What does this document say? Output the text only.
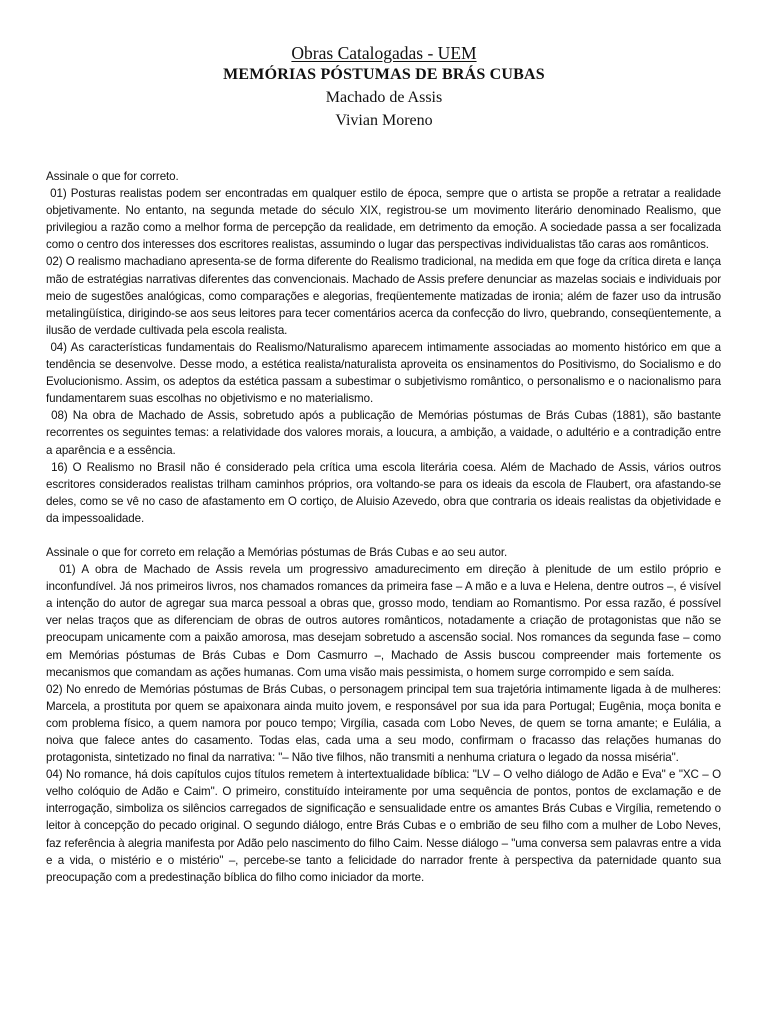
Obras Catalogadas - UEM
MEMÓRIAS PÓSTUMAS DE BRÁS CUBAS
Machado de Assis
Vivian Moreno

Assinale o que for correto.

01) Posturas realistas podem ser encontradas em qualquer estilo de época, sempre que o artista se propõe a retratar a realidade objetivamente. No entanto, na segunda metade do século XIX, registrou-se um movimento literário denominado Realismo, que privilegiou a razão como a melhor forma de percepção da realidade, em detrimento da emoção. A sociedade passa a ser focalizada como o centro dos interesses dos escritores realistas, assumindo o lugar das perspectivas individualistas tão caras aos românticos.

02) O realismo machadiano apresenta-se de forma diferente do Realismo tradicional, na medida em que foge da crítica direta e lança mão de estratégias narrativas diferentes das convencionais. Machado de Assis prefere denunciar as mazelas sociais e individuais por meio de sugestões analógicas, como comparações e alegorias, freqüentemente matizadas de ironia; além de fazer uso da intrusão metalingüística, dirigindo-se aos seus leitores para tecer comentários acerca da confecção do livro, quebrando, conseqüentemente, a ilusão de verdade cultivada pela escola realista.

04) As características fundamentais do Realismo/Naturalismo aparecem intimamente associadas ao momento histórico em que a tendência se desenvolve. Desse modo, a estética realista/naturalista aproveita os ensinamentos do Positivismo, do Socialismo e do Evolucionismo. Assim, os adeptos da estética passam a subestimar o subjetivismo romântico, o personalismo e o nacionalismo para fundamentarem suas escolhas no objetivismo e no materialismo.

08) Na obra de Machado de Assis, sobretudo após a publicação de Memórias póstumas de Brás Cubas (1881), são bastante recorrentes os seguintes temas: a relatividade dos valores morais, a loucura, a ambição, a vaidade, o adultério e a contradição entre a aparência e a essência.

16) O Realismo no Brasil não é considerado pela crítica uma escola literária coesa. Além de Machado de Assis, vários outros escritores considerados realistas trilham caminhos próprios, ora voltando-se para os ideais da escola de Flaubert, ora afastando-se deles, como se vê no caso de afastamento em O cortiço, de Aluisio Azevedo, obra que contraria os ideais realistas da objetividade e da impessoalidade.

Assinale o que for correto em relação a Memórias póstumas de Brás Cubas e ao seu autor.

01) A obra de Machado de Assis revela um progressivo amadurecimento em direção à plenitude de um estilo próprio e inconfundível. Já nos primeiros livros, nos chamados romances da primeira fase – A mão e a luva e Helena, dentre outros –, é visível a intenção do autor de agregar sua marca pessoal a obras que, grosso modo, tendiam ao Romantismo. Por essa razão, é possível ver nelas traços que as diferenciam de obras de outros autores românticos, notadamente a criação de protagonistas que não se preocupam unicamente com a paixão amorosa, mas desejam sobretudo a ascensão social. Nos romances da segunda fase – como em Memórias póstumas de Brás Cubas e Dom Casmurro –, Machado de Assis buscou compreender mais fortemente os mecanismos que comandam as ações humanas. Com uma visão mais pessimista, o homem surge corrompido e sem saída.

02) No enredo de Memórias póstumas de Brás Cubas, o personagem principal tem sua trajetória intimamente ligada à de mulheres: Marcela, a prostituta por quem se apaixonara ainda muito jovem, e responsável por sua ida para Portugal; Eugênia, moça bonita e com problema físico, a quem namora por pouco tempo; Virgília, casada com Lobo Neves, de quem se torna amante; e Eulália, a noiva que falece antes do casamento. Todas elas, cada uma a seu modo, confirmam o fracasso das relações humanas do protagonista, sintetizado no final da narrativa: "– Não tive filhos, não transmiti a nenhuma criatura o legado da nossa miséria".

04) No romance, há dois capítulos cujos títulos remetem à intertextualidade bíblica: "LV – O velho diálogo de Adão e Eva" e "XC – O velho colóquio de Adão e Caim". O primeiro, constituído inteiramente por uma sequência de pontos, pontos de exclamação e de interrogação, simboliza os silêncios carregados de significação e sensualidade entre os amantes Brás Cubas e Virgília, remetendo o leitor à concepção do pecado original. O segundo diálogo, entre Brás Cubas e o embrião de seu filho com a mulher de Lobo Neves, faz referência à alegria manifesta por Adão pelo nascimento do filho Caim. Nesse diálogo – "uma conversa sem palavras entre a vida e a vida, o mistério e o mistério" –, percebe-se tanto a felicidade do narrador frente à perspectiva da paternidade quanto sua preocupação com a predestinação bíblica do filho como iniciador da morte.
